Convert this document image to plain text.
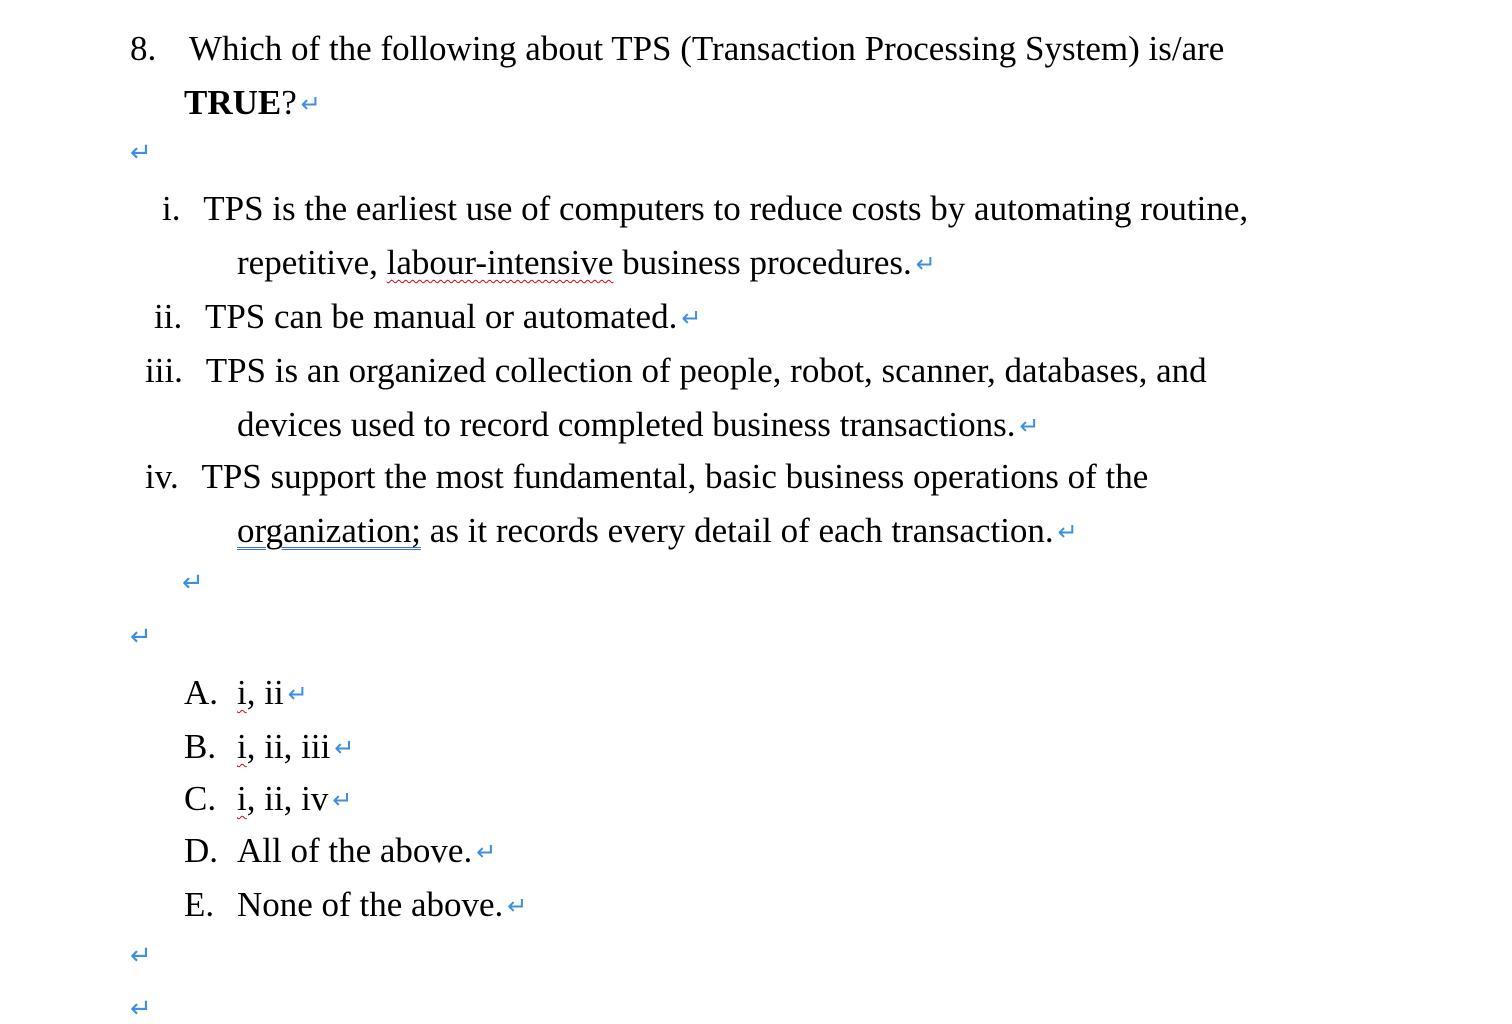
8. Which of the following about TPS (Transaction Processing System) is/are
TRUE? ↵
↵
i. TPS is the earliest use of computers to reduce costs by automating routine,
repetitive, labour-intensive business procedures. ↵
ii. TPS can be manual or automated. ↵
iii. TPS is an organized collection of people, robot, scanner, databases, and
devices used to record completed business transactions. ↵
iv. TPS support the most fundamental, basic business operations of the
organization; as it records every detail of each transaction. ↵
↵
↵
A. i, ii ↵
B. i, ii, iii ↵
C. i, ii, iv ↵
D. All of the above. ↵
E. None of the above. ↵
↵
↵
